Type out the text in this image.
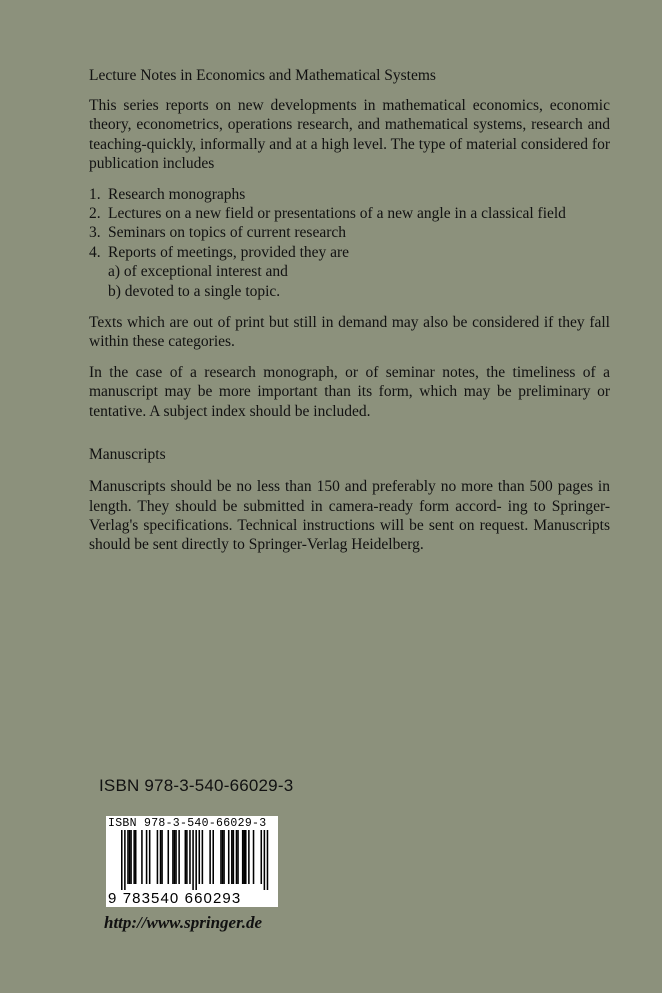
Lecture Notes in Economics and Mathematical Systems

This series reports on new developments in mathematical economics, economic theory, econometrics, operations research, and mathematical systems, research and teaching-quickly, informally and at a high level. The type of material considered for publication includes

1. Research monographs
2. Lectures on a new field or presentations of a new angle in a classical field
3. Seminars on topics of current research
4. Reports of meetings, provided they are
a) of exceptional interest and
b) devoted to a single topic.

Texts which are out of print but still in demand may also be considered if they fall within these categories.

In the case of a research monograph, or of seminar notes, the timeliness of a manuscript may be more important than its form, which may be preliminary or tentative. A subject index should be included.

Manuscripts

Manuscripts should be no less than 150 and preferably no more than 500 pages in length. They should be submitted in camera-ready form accord- ing to Springer-Verlag's specifications. Technical instructions will be sent on request. Manuscripts should be sent directly to Springer-Verlag Heidelberg.

ISBN 978-3-540-66029-3
ISBN 978-3-540-66029-3
9 783540 660293
http://www.springer.de
